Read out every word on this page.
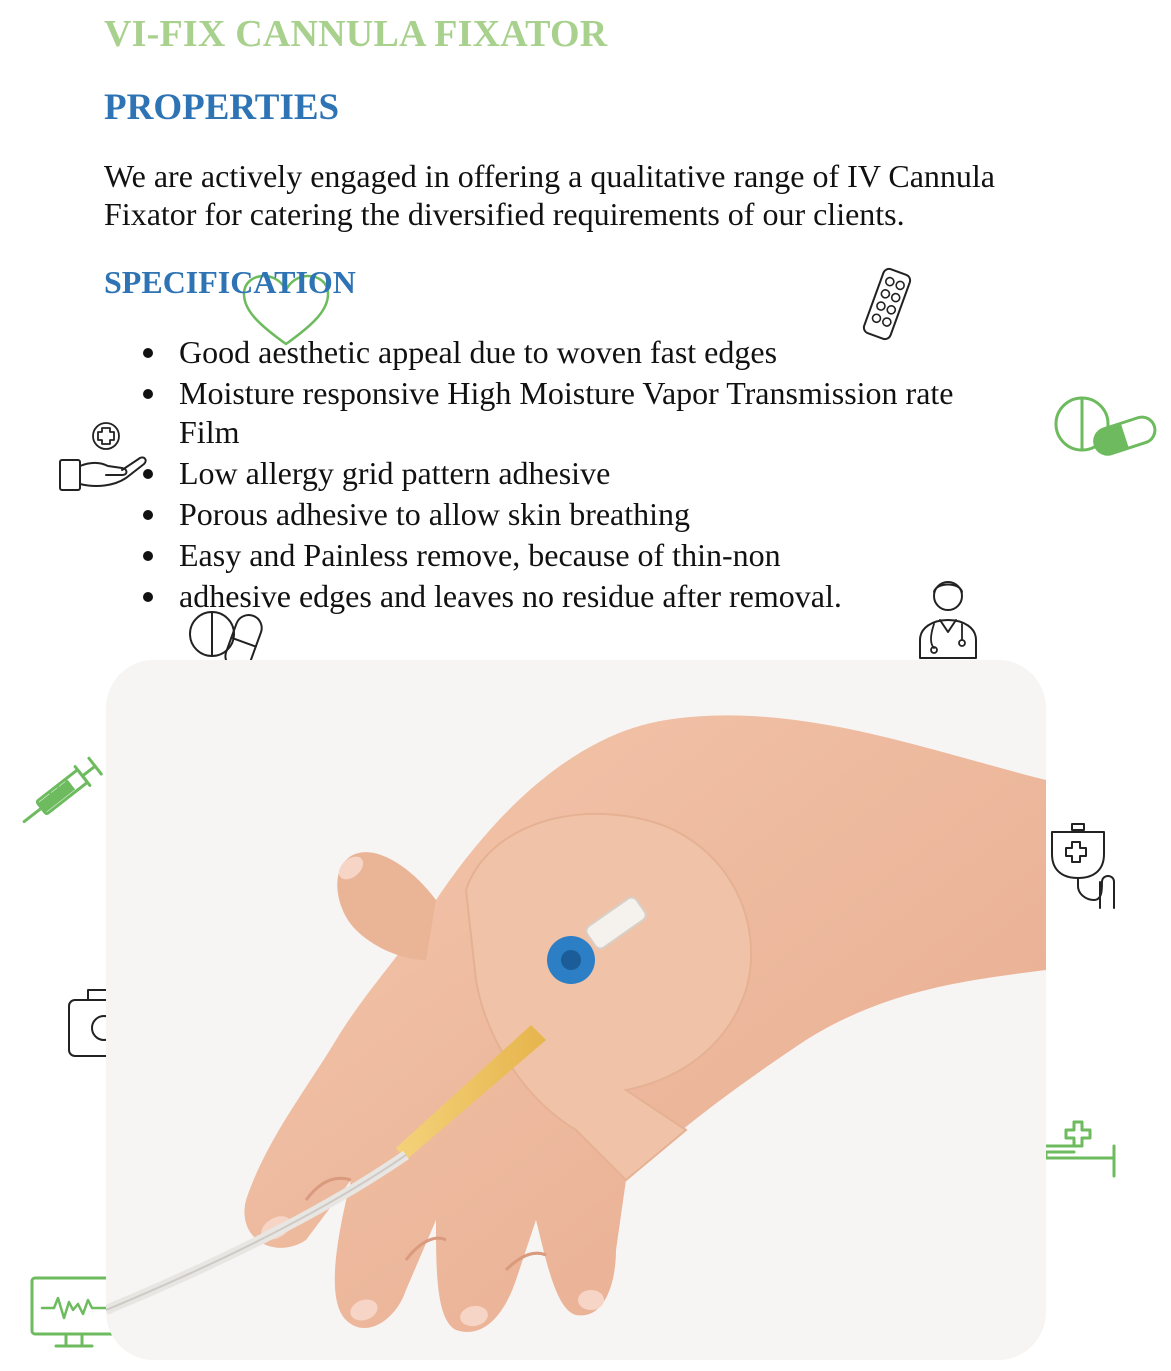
VI-FIX CANNULA FIXATOR
PROPERTIES

We are actively engaged in offering a qualitative range of IV Cannula Fixator for catering the diversified requirements of our clients.

SPECIFICATION
Good aesthetic appeal due to woven fast edges
Moisture responsive High Moisture Vapor Transmission rate Film
Low allergy grid pattern adhesive
Porous adhesive to allow skin breathing
Easy and Painless remove, because of thin-non
adhesive edges and leaves no residue after removal.
